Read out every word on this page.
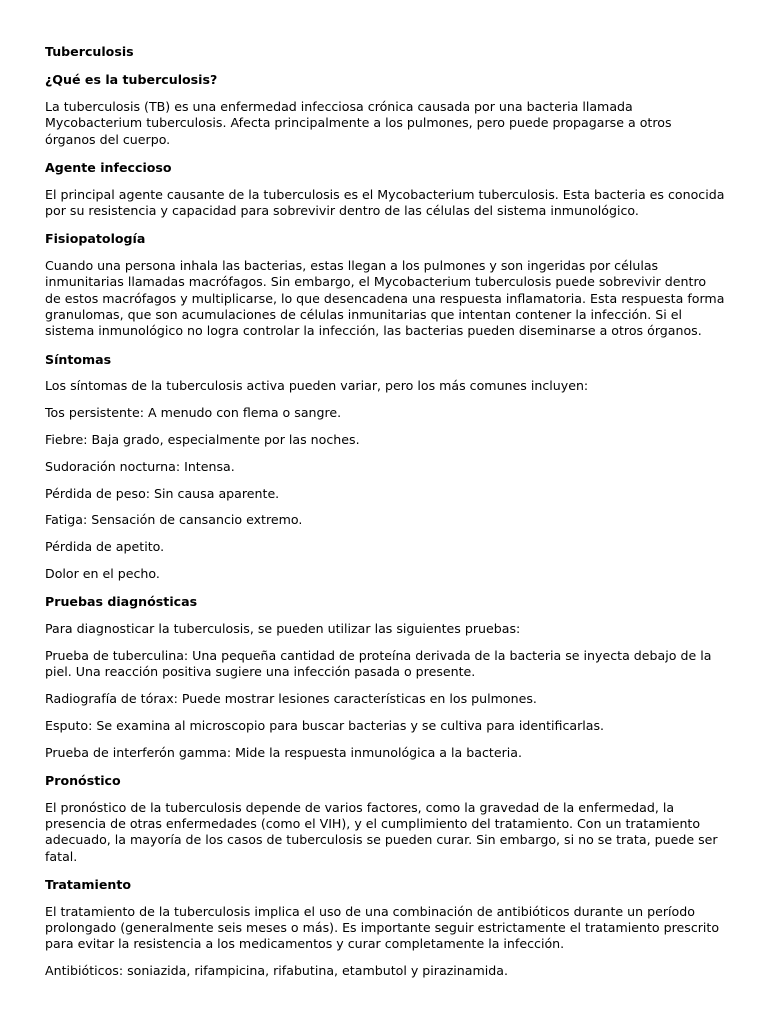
Tuberculosis
¿Qué es la tuberculosis?

La tuberculosis (TB) es una enfermedad infecciosa crónica causada por una bacteria llamada
Mycobacterium tuberculosis. Afecta principalmente a los pulmones, pero puede propagarse a otros
órganos del cuerpo.

Agente infeccioso

El principal agente causante de la tuberculosis es el Mycobacterium tuberculosis. Esta bacteria es conocida
por su resistencia y capacidad para sobrevivir dentro de las células del sistema inmunológico.

Fisiopatología

Cuando una persona inhala las bacterias, estas llegan a los pulmones y son ingeridas por células
inmunitarias llamadas macrófagos. Sin embargo, el Mycobacterium tuberculosis puede sobrevivir dentro
de estos macrófagos y multiplicarse, lo que desencadena una respuesta inflamatoria. Esta respuesta forma
granulomas, que son acumulaciones de células inmunitarias que intentan contener la infección. Si el
sistema inmunológico no logra controlar la infección, las bacterias pueden diseminarse a otros órganos.

Síntomas

Los síntomas de la tuberculosis activa pueden variar, pero los más comunes incluyen:

Tos persistente: A menudo con flema o sangre.

Fiebre: Baja grado, especialmente por las noches.

Sudoración nocturna: Intensa.

Pérdida de peso: Sin causa aparente.

Fatiga: Sensación de cansancio extremo.

Pérdida de apetito.

Dolor en el pecho.

Pruebas diagnósticas

Para diagnosticar la tuberculosis, se pueden utilizar las siguientes pruebas:

Prueba de tuberculina: Una pequeña cantidad de proteína derivada de la bacteria se inyecta debajo de la
piel. Una reacción positiva sugiere una infección pasada o presente.

Radiografía de tórax: Puede mostrar lesiones características en los pulmones.

Esputo: Se examina al microscopio para buscar bacterias y se cultiva para identificarlas.

Prueba de interferón gamma: Mide la respuesta inmunológica a la bacteria.

Pronóstico

El pronóstico de la tuberculosis depende de varios factores, como la gravedad de la enfermedad, la
presencia de otras enfermedades (como el VIH), y el cumplimiento del tratamiento. Con un tratamiento
adecuado, la mayoría de los casos de tuberculosis se pueden curar. Sin embargo, si no se trata, puede ser
fatal.

Tratamiento

El tratamiento de la tuberculosis implica el uso de una combinación de antibióticos durante un período
prolongado (generalmente seis meses o más). Es importante seguir estrictamente el tratamiento prescrito
para evitar la resistencia a los medicamentos y curar completamente la infección.

Antibióticos: soniazida, rifampicina, rifabutina, etambutol y pirazinamida.
